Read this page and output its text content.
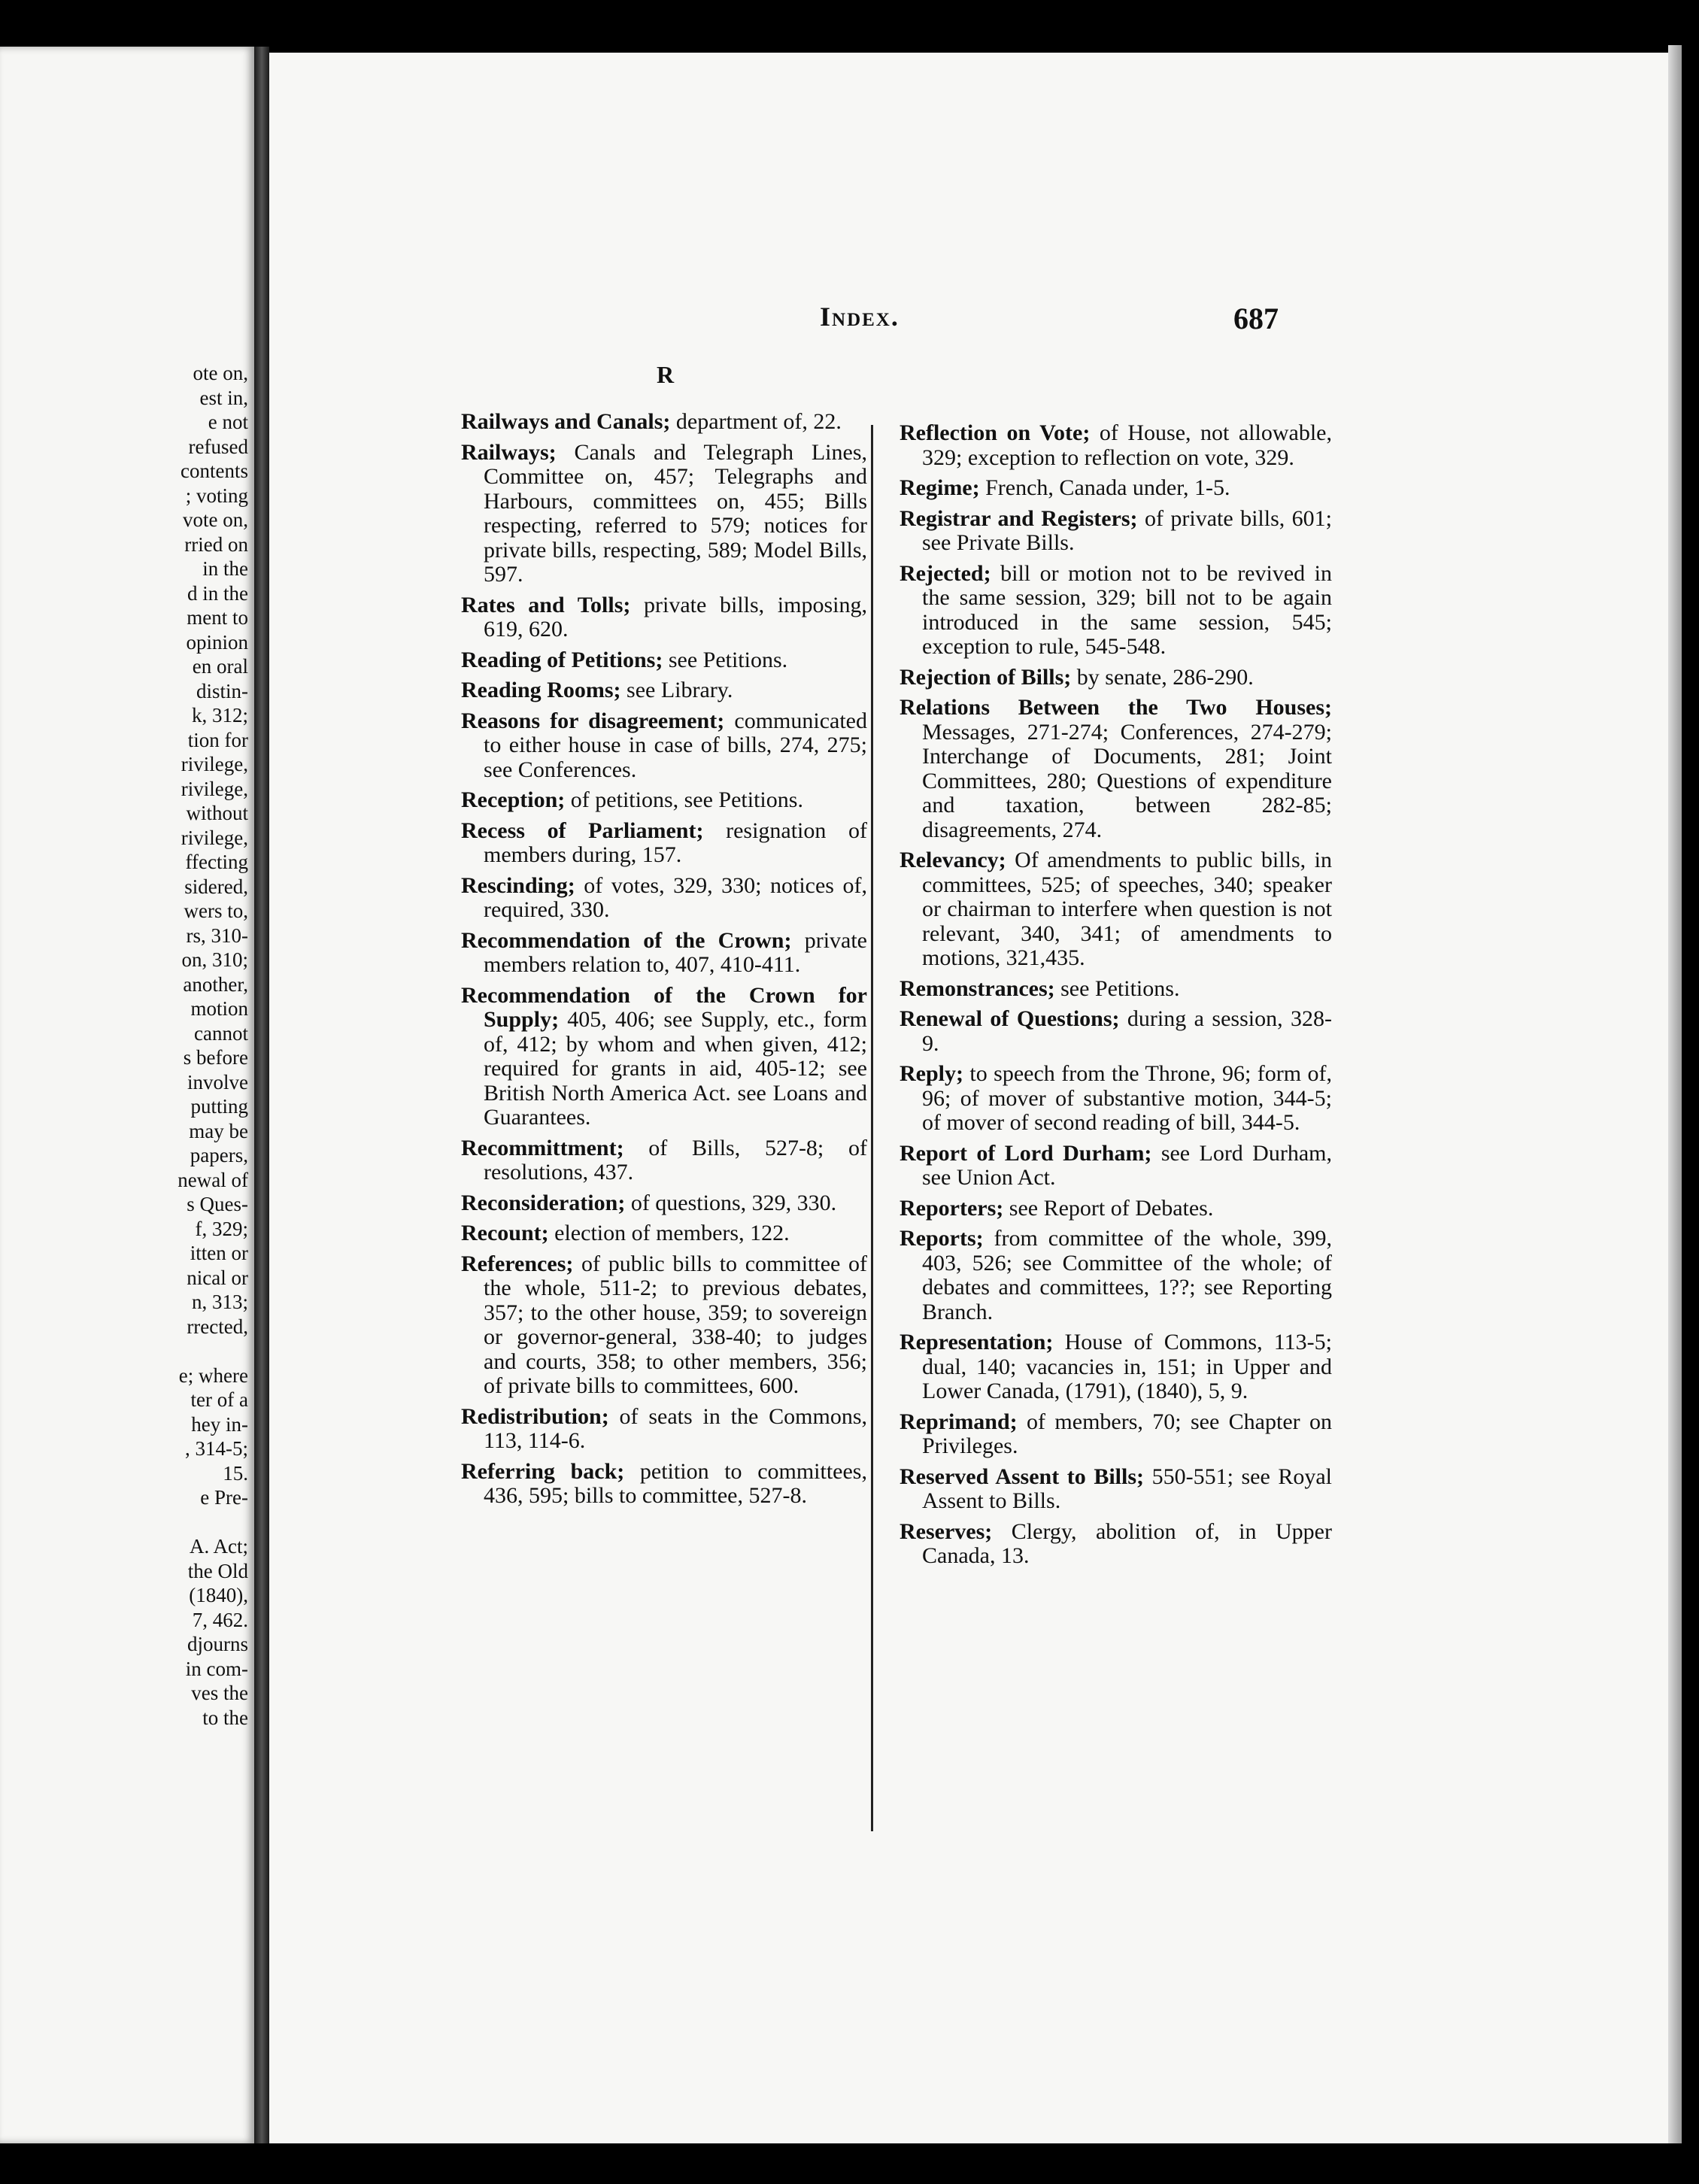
ote on,
est in,
e not
refused
contents
; voting
vote on,
rried on
in the
d in the
ment to
opinion
en oral
distin-
k, 312;
tion for
rivilege,
rivilege,
without
rivilege,
ffecting
sidered,
wers to,
rs, 310-
on, 310;
another,
motion
cannot
s before
involve
putting
may be
papers,
newal of
s Ques-
f, 329;
itten or
nical or
n, 313;
rrected,
e; where
ter of a
hey in-
, 314-5;
15.
e Pre-
A. Act;
the Old
(1840),
7, 462.
djourns
in com-
ves the
to the
Index.	687
R
Railways and Canals; department of, 22.
Railways; Canals and Telegraph Lines, Committee on, 457; Telegraphs and Harbours, committees on, 455; Bills respecting, referred to 579; notices for private bills, respecting, 589; Model Bills, 597.
Rates and Tolls; private bills, imposing, 619, 620.
Reading of Petitions; see Petitions.
Reading Rooms; see Library.
Reasons for disagreement; communicated to either house in case of bills, 274, 275; see Conferences.
Reception; of petitions, see Petitions.
Recess of Parliament; resignation of members during, 157.
Rescinding; of votes, 329, 330; notices of, required, 330.
Recommendation of the Crown; private members relation to, 407, 410-411.
Recommendation of the Crown for Supply; 405, 406; see Supply, etc., form of, 412; by whom and when given, 412; required for grants in aid, 405-12; see British North America Act. see Loans and Guarantees.
Recommittment; of Bills, 527-8; of resolutions, 437.
Reconsideration; of questions, 329, 330.
Recount; election of members, 122.
References; of public bills to committee of the whole, 511-2; to previous debates, 357; to the other house, 359; to sovereign or governor-general, 338-40; to judges and courts, 358; to other members, 356; of private bills to committees, 600.
Redistribution; of seats in the Commons, 113, 114-6.
Referring back; petition to committees, 436, 595; bills to committee, 527-8.
Reflection on Vote; of House, not allowable, 329; exception to reflection on vote, 329.
Regime; French, Canada under, 1-5.
Registrar and Registers; of private bills, 601; see Private Bills.
Rejected; bill or motion not to be revived in the same session, 329; bill not to be again introduced in the same session, 545; exception to rule, 545-548.
Rejection of Bills; by senate, 286-290.
Relations Between the Two Houses; Messages, 271-274; Conferences, 274-279; Interchange of Documents, 281; Joint Committees, 280; Questions of expenditure and taxation, between 282-85; disagreements, 274.
Relevancy; Of amendments to public bills, in committees, 525; of speeches, 340; speaker or chairman to interfere when question is not relevant, 340, 341; of amendments to motions, 321,435.
Remonstrances; see Petitions.
Renewal of Questions; during a session, 328-9.
Reply; to speech from the Throne, 96; form of, 96; of mover of substantive motion, 344-5; of mover of second reading of bill, 344-5.
Report of Lord Durham; see Lord Durham, see Union Act.
Reporters; see Report of Debates.
Reports; from committee of the whole, 399, 403, 526; see Committee of the whole; of debates and committees, 1??; see Reporting Branch.
Representation; House of Commons, 113-5; dual, 140; vacancies in, 151; in Upper and Lower Canada, (1791), (1840), 5, 9.
Reprimand; of members, 70; see Chapter on Privileges.
Reserved Assent to Bills; 550-551; see Royal Assent to Bills.
Reserves; Clergy, abolition of, in Upper Canada, 13.
